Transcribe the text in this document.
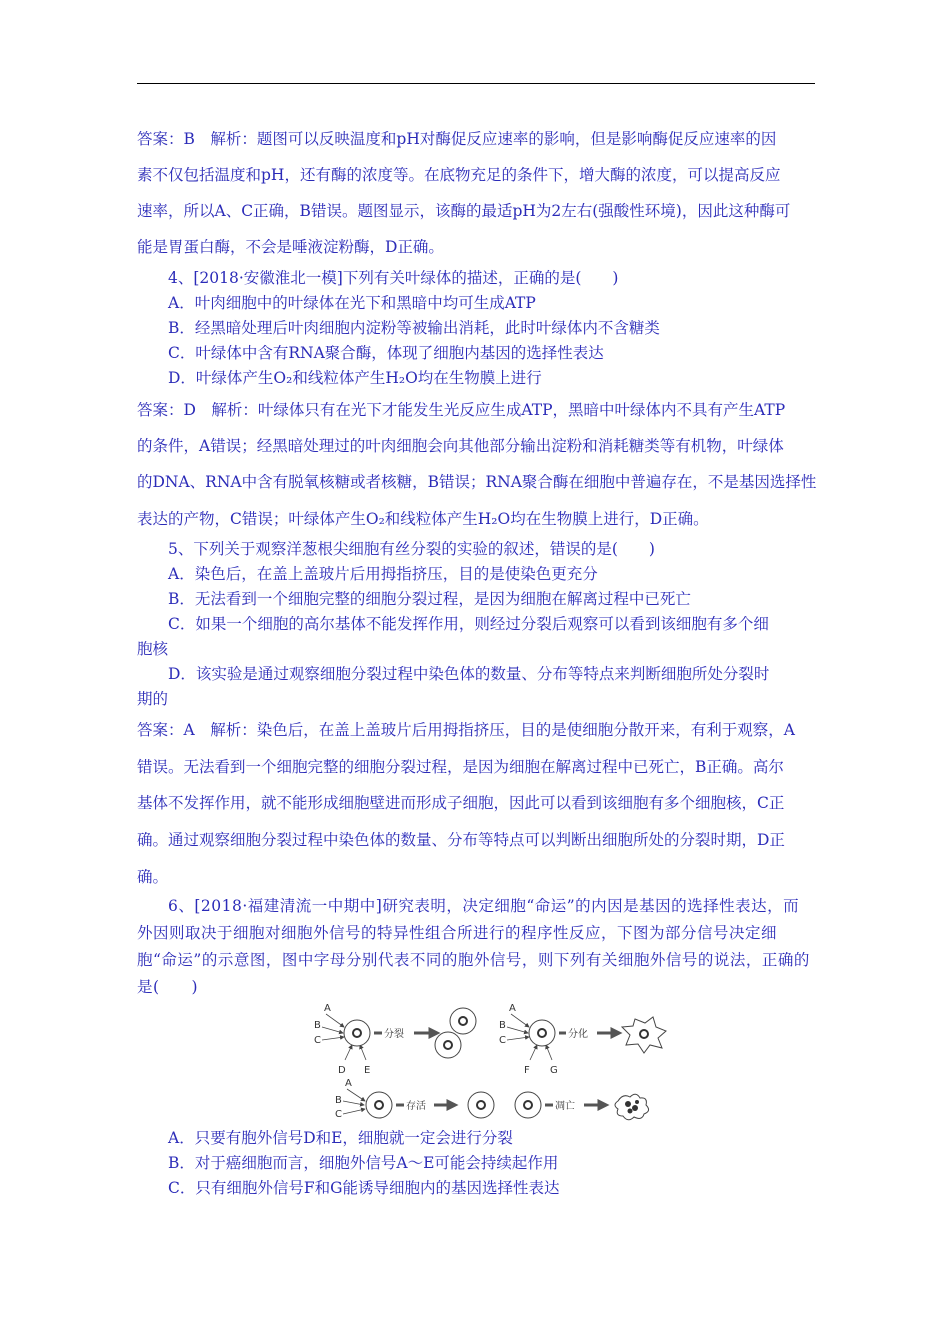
答案：B　解析：题图可以反映温度和pH对酶促反应速率的影响，但是影响酶促反应速率的因
素不仅包括温度和pH，还有酶的浓度等。在底物充足的条件下，增大酶的浓度，可以提高反应
速率，所以A、C正确，B错误。题图显示，该酶的最适pH为2左右(强酸性环境)，因此这种酶可
能是胃蛋白酶，不会是唾液淀粉酶，D正确。
4、[2018·安徽淮北一模]下列有关叶绿体的描述，正确的是(　　)
A．叶肉细胞中的叶绿体在光下和黑暗中均可生成ATP
B．经黑暗处理后叶肉细胞内淀粉等被输出消耗，此时叶绿体内不含糖类
C．叶绿体中含有RNA聚合酶，体现了细胞内基因的选择性表达
D．叶绿体产生O₂和线粒体产生H₂O均在生物膜上进行
答案：D　解析：叶绿体只有在光下才能发生光反应生成ATP，黑暗中叶绿体内不具有产生ATP
的条件，A错误；经黑暗处理过的叶肉细胞会向其他部分输出淀粉和消耗糖类等有机物，叶绿体
的DNA、RNA中含有脱氧核糖或者核糖，B错误；RNA聚合酶在细胞中普遍存在，不是基因选择性
表达的产物，C错误；叶绿体产生O₂和线粒体产生H₂O均在生物膜上进行，D正确。
5、下列关于观察洋葱根尖细胞有丝分裂的实验的叙述，错误的是(　　)
A．染色后，在盖上盖玻片后用拇指挤压，目的是使染色更充分
B．无法看到一个细胞完整的细胞分裂过程，是因为细胞在解离过程中已死亡
C．如果一个细胞的高尔基体不能发挥作用，则经过分裂后观察可以看到该细胞有多个细
胞核
D．该实验是通过观察细胞分裂过程中染色体的数量、分布等特点来判断细胞所处分裂时
期的
答案：A　解析：染色后，在盖上盖玻片后用拇指挤压，目的是使细胞分散开来，有利于观察，A
错误。无法看到一个细胞完整的细胞分裂过程，是因为细胞在解离过程中已死亡，B正确。高尔
基体不发挥作用，就不能形成细胞壁进而形成子细胞，因此可以看到该细胞有多个细胞核，C正
确。通过观察细胞分裂过程中染色体的数量、分布等特点可以判断出细胞所处的分裂时期，D正
确。

6、[2018·福建清流一中期中]研究表明，决定细胞“命运”的内因是基因的选择性表达，而外因则取决于细胞对细胞外信号的特异性组合所进行的程序性反应，下图为部分信号决定细胞“命运”的示意图，图中字母分别代表不同的胞外信号，则下列有关细胞外信号的说法，正确的是(　　)

A
B
C
D E
分裂
A
B
C
F G
分化
A
B
C
存活	凋亡
A．只要有胞外信号D和E，细胞就一定会进行分裂
B．对于癌细胞而言，细胞外信号A～E可能会持续起作用
C．只有细胞外信号F和G能诱导细胞内的基因选择性表达
